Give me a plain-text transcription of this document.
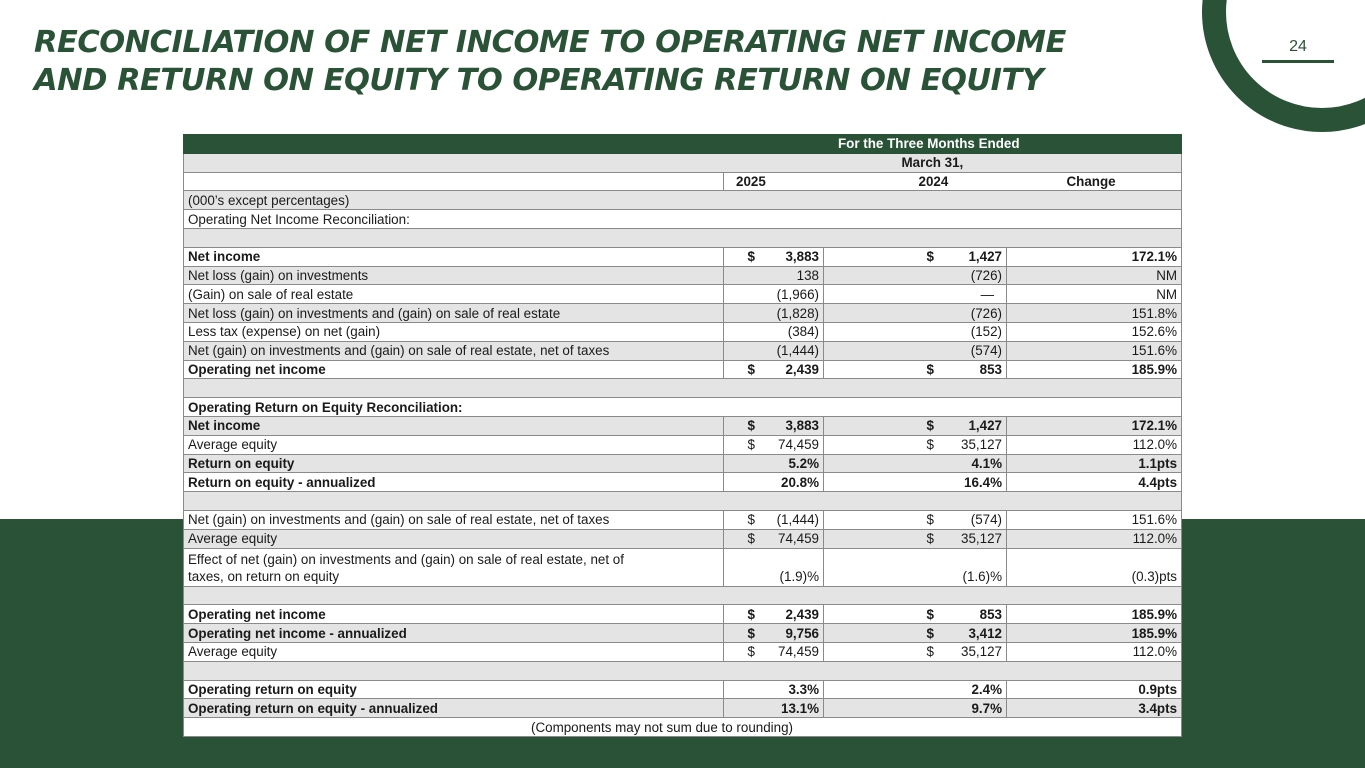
RECONCILIATION OF NET INCOME TO OPERATING NET INCOME
AND RETURN ON EQUITY TO OPERATING RETURN ON EQUITY
24
	For the Three Months Ended		
	March 31,		
	2025	2024	Change
(000’s except percentages)			
Operating Net Income Reconciliation:			

Net income	$ 3,883	$ 1,427	172.1%
Net loss (gain) on investments	138	(726)	NM
(Gain) on sale of real estate	(1,966)	—	NM
Net loss (gain) on investments and (gain) on sale of real estate	(1,828)	(726)	151.8%
Less tax (expense) on net (gain)	(384)	(152)	152.6%
Net (gain) on investments and (gain) on sale of real estate, net of taxes	(1,444)	(574)	151.6%
Operating net income	$ 2,439	$ 853	185.9%

Operating Return on Equity Reconciliation:			
Net income	$ 3,883	$ 1,427	172.1%
Average equity	$ 74,459	$ 35,127	112.0%
Return on equity	5.2%	4.1%	1.1pts
Return on equity - annualized	20.8%	16.4%	4.4pts

Net (gain) on investments and (gain) on sale of real estate, net of taxes	$ (1,444)	$ (574)	151.6%
Average equity	$ 74,459	$ 35,127	112.0%

Effect of net (gain) on investments and (gain) on sale of real estate, net of
taxes, on return on equity	(1.9)%	(1.6)%	(0.3)pts

Operating net income	$ 2,439	$ 853	185.9%
Operating net income - annualized	$ 9,756	$ 3,412	185.9%
Average equity	$ 74,459	$ 35,127	112.0%

Operating return on equity	3.3%	2.4%	0.9pts
Operating return on equity - annualized	13.1%	9.7%	3.4pts
(Components may not sum due to rounding)			
